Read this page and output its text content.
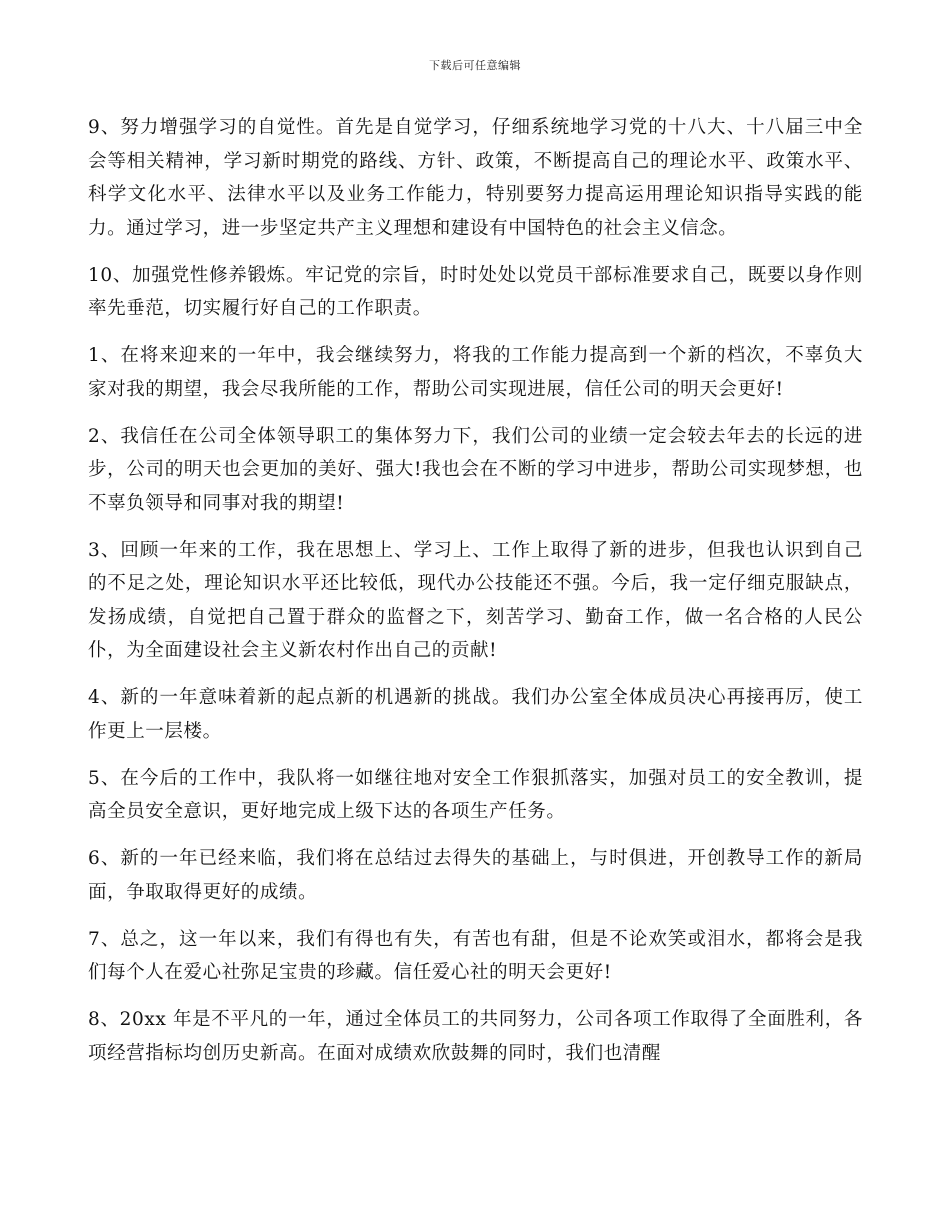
下载后可任意编辑

9、努力增强学习的自觉性。首先是自觉学习，仔细系统地学习党的十八大、十八届三中全会等相关精神，学习新时期党的路线、方针、政策，不断提高自己的理论水平、政策水平、科学文化水平、法律水平以及业务工作能力，特别要努力提高运用理论知识指导实践的能力。通过学习，进一步坚定共产主义理想和建设有中国特色的社会主义信念。

10、加强党性修养锻炼。牢记党的宗旨，时时处处以党员干部标准要求自己，既要以身作则率先垂范，切实履行好自己的工作职责。

1、在将来迎来的一年中，我会继续努力，将我的工作能力提高到一个新的档次，不辜负大家对我的期望，我会尽我所能的工作，帮助公司实现进展，信任公司的明天会更好!

2、我信任在公司全体领导职工的集体努力下，我们公司的业绩一定会较去年去的长远的进步，公司的明天也会更加的美好、强大!我也会在不断的学习中进步，帮助公司实现梦想，也不辜负领导和同事对我的期望!

3、回顾一年来的工作，我在思想上、学习上、工作上取得了新的进步，但我也认识到自己的不足之处，理论知识水平还比较低，现代办公技能还不强。今后，我一定仔细克服缺点，发扬成绩，自觉把自己置于群众的监督之下，刻苦学习、勤奋工作，做一名合格的人民公仆，为全面建设社会主义新农村作出自己的贡献!

4、新的一年意味着新的起点新的机遇新的挑战。我们办公室全体成员决心再接再厉，使工作更上一层楼。

5、在今后的工作中，我队将一如继往地对安全工作狠抓落实，加强对员工的安全教训，提高全员安全意识，更好地完成上级下达的各项生产任务。

6、新的一年已经来临，我们将在总结过去得失的基础上，与时俱进，开创教导工作的新局面，争取取得更好的成绩。

7、总之，这一年以来，我们有得也有失，有苦也有甜，但是不论欢笑或泪水，都将会是我们每个人在爱心社弥足宝贵的珍藏。信任爱心社的明天会更好!

8、20xx 年是不平凡的一年，通过全体员工的共同努力，公司各项工作取得了全面胜利，各项经营指标均创历史新高。在面对成绩欢欣鼓舞的同时，我们也清醒
